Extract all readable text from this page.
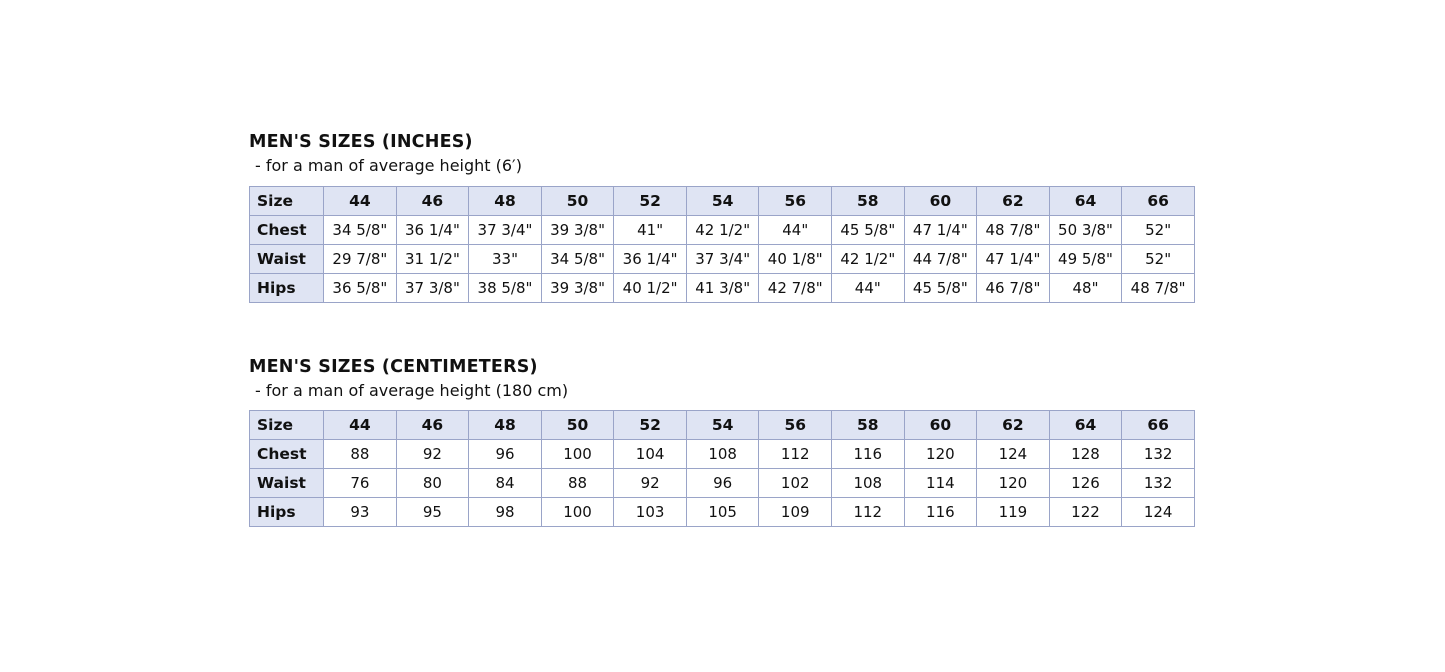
MEN'S SIZES (INCHES)
- for a man of average height (6′)
Size	44	46	48	50	52	54	56	58	60	62	64	66
Chest	34 5/8"	36 1/4"	37 3/4"	39 3/8"	41"	42 1/2"	44"	45 5/8"	47 1/4"	48 7/8"	50 3/8"	52"
Waist	29 7/8"	31 1/2"	33"	34 5/8"	36 1/4"	37 3/4"	40 1/8"	42 1/2"	44 7/8"	47 1/4"	49 5/8"	52"
Hips	36 5/8"	37 3/8"	38 5/8"	39 3/8"	40 1/2"	41 3/8"	42 7/8"	44"	45 5/8"	46 7/8"	48"	48 7/8"
MEN'S SIZES (CENTIMETERS)
- for a man of average height (180 cm)
Size	44	46	48	50	52	54	56	58	60	62	64	66
Chest	88	92	96	100	104	108	112	116	120	124	128	132
Waist	76	80	84	88	92	96	102	108	114	120	126	132
Hips	93	95	98	100	103	105	109	112	116	119	122	124
